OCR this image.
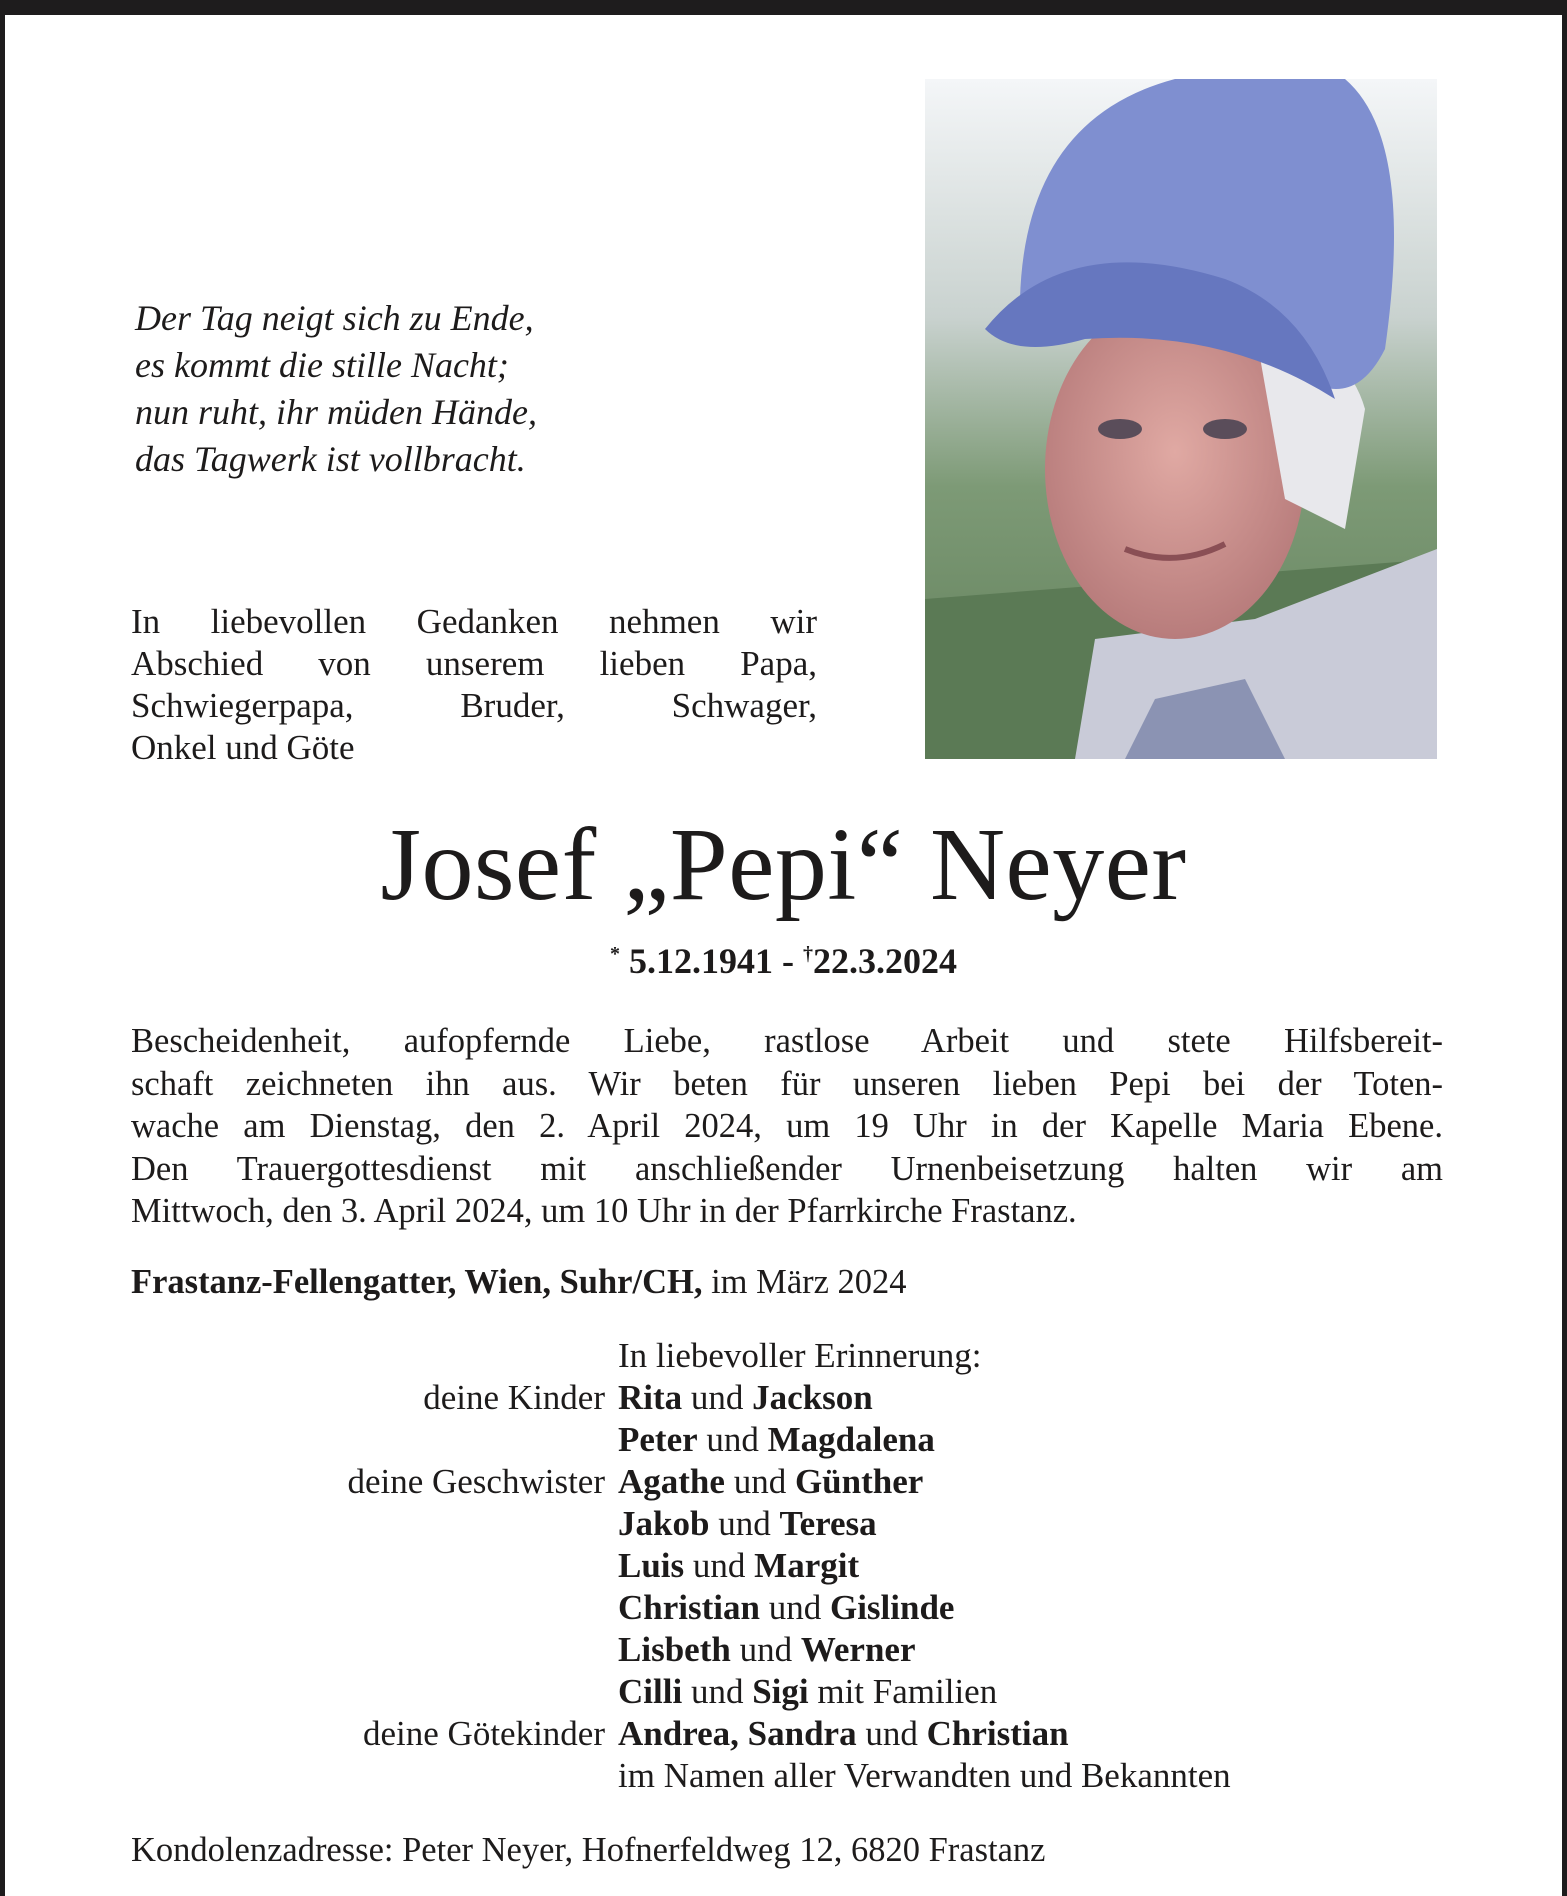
Der Tag neigt sich zu Ende,
es kommt die stille Nacht;
nun ruht, ihr müden Hände,
das Tagwerk ist vollbracht.
In liebevollen Gedanken nehmen wir
Abschied von unserem lieben Papa,
Schwiegerpapa, Bruder, Schwager,
Onkel und Göte
Josef „Pepi“ Neyer
* 5.12.1941 - †22.3.2024
Bescheidenheit, aufopfernde Liebe, rastlose Arbeit und stete Hilfsbereit-
schaft zeichneten ihn aus. Wir beten für unseren lieben Pepi bei der Toten-
wache am Dienstag, den 2. April 2024, um 19 Uhr in der Kapelle Maria Ebene.
Den Trauergottesdienst mit anschließender Urnenbeisetzung halten wir am
Mittwoch, den 3. April 2024, um 10 Uhr in der Pfarrkirche Frastanz.
Frastanz-Fellengatter, Wien, Suhr/CH, im März 2024
In liebevoller Erinnerung:
deine Kinder Rita und Jackson
Peter und Magdalena
deine Geschwister Agathe und Günther
Jakob und Teresa
Luis und Margit
Christian und Gislinde
Lisbeth und Werner
Cilli und Sigi mit Familien
deine Götekinder Andrea, Sandra und Christian
im Namen aller Verwandten und Bekannten
Kondolenzadresse: Peter Neyer, Hofnerfeldweg 12, 6820 Frastanz
